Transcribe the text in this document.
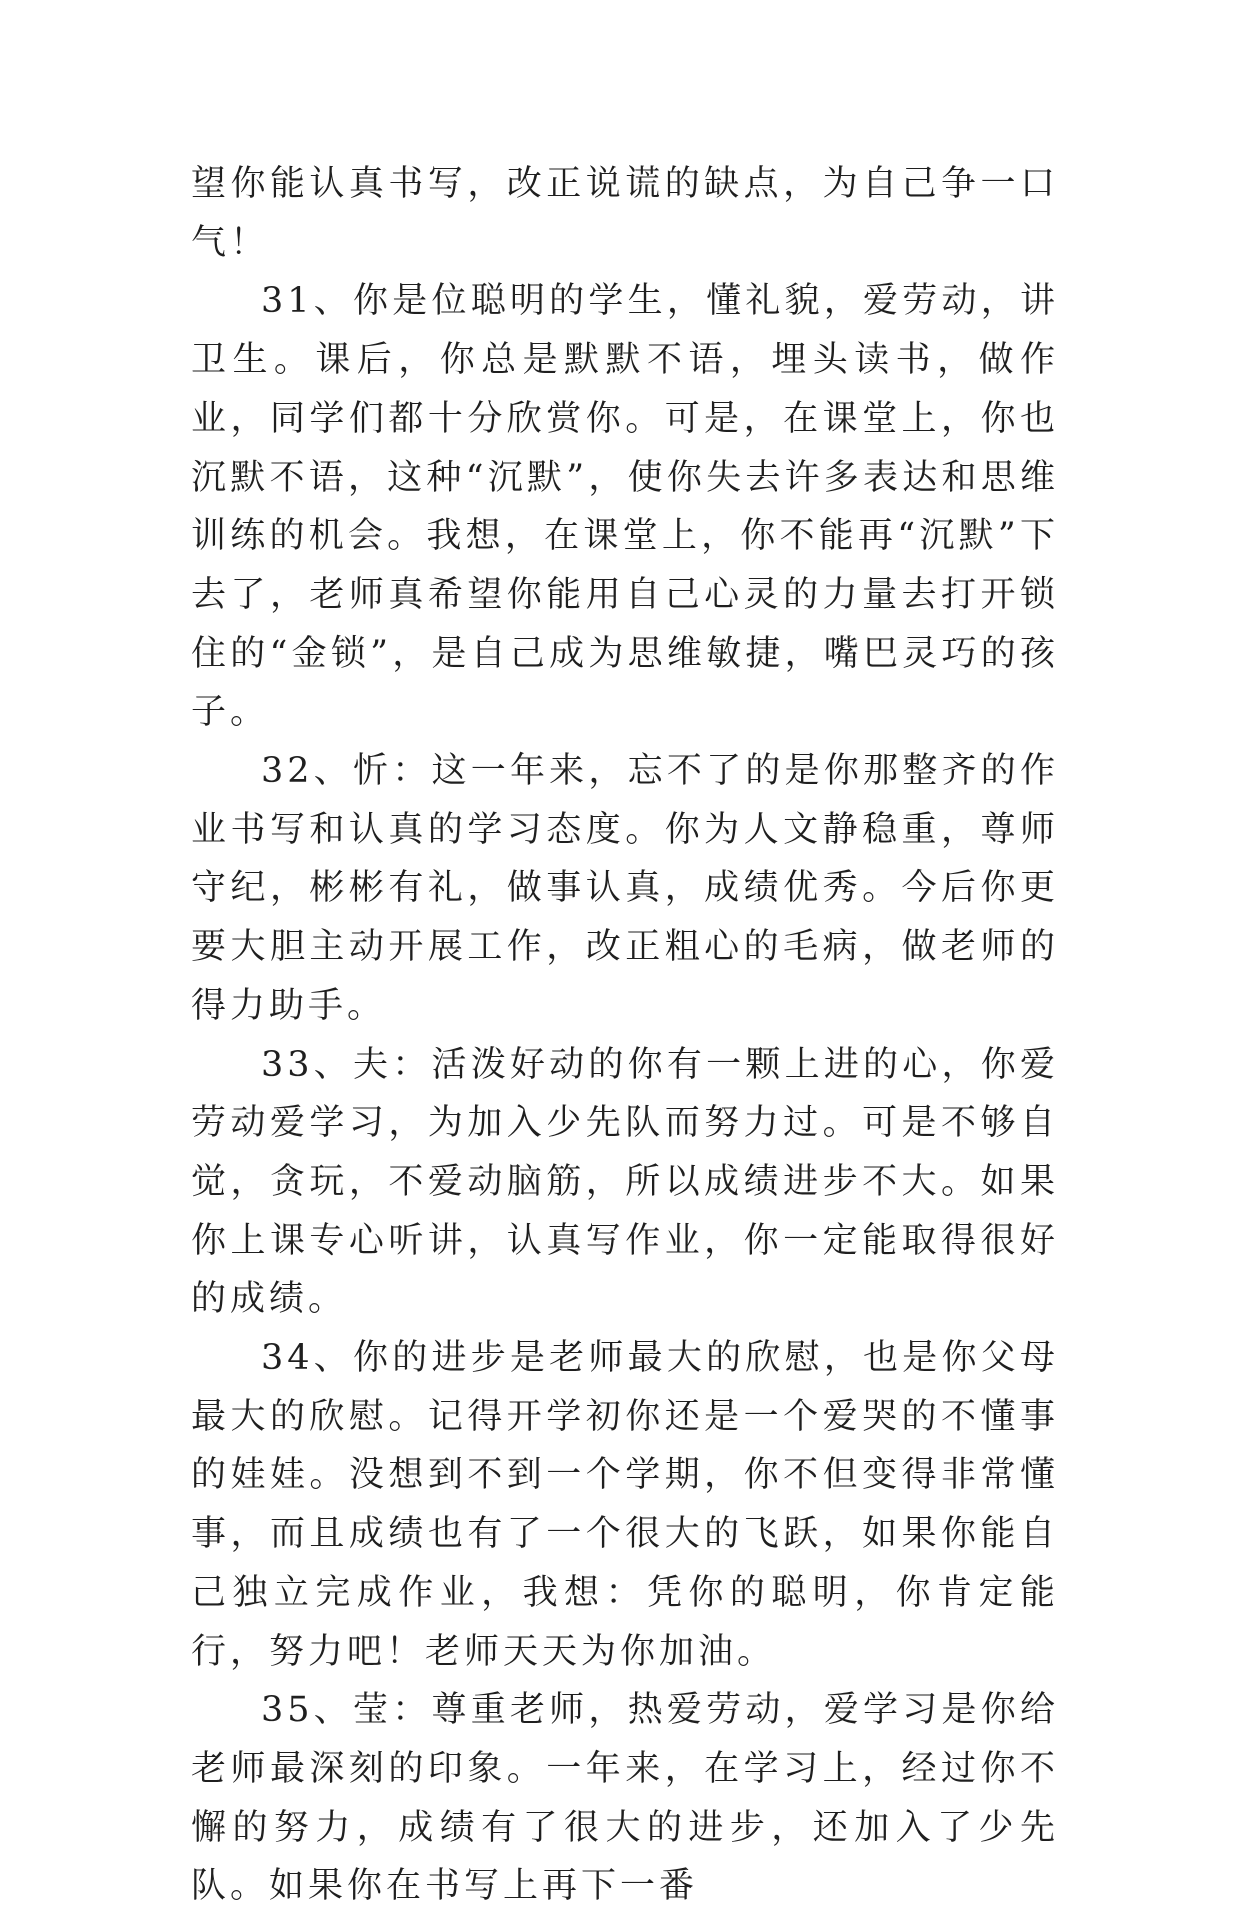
望你能认真书写，改正说谎的缺点，为自己争一口气！

31、你是位聪明的学生，懂礼貌，爱劳动，讲卫生。课后，你总是默默不语，埋头读书，做作业，同学们都十分欣赏你。可是，在课堂上，你也沉默不语，这种“沉默”，使你失去许多表达和思维训练的机会。我想，在课堂上，你不能再“沉默”下去了，老师真希望你能用自己心灵的力量去打开锁住的“金锁”，是自己成为思维敏捷，嘴巴灵巧的孩子。

32、忻：这一年来，忘不了的是你那整齐的作业书写和认真的学习态度。你为人文静稳重，尊师守纪，彬彬有礼，做事认真，成绩优秀。今后你更要大胆主动开展工作，改正粗心的毛病，做老师的得力助手。

33、夫：活泼好动的你有一颗上进的心，你爱劳动爱学习，为加入少先队而努力过。可是不够自觉，贪玩，不爱动脑筋，所以成绩进步不大。如果你上课专心听讲，认真写作业，你一定能取得很好的成绩。

34、你的进步是老师最大的欣慰，也是你父母最大的欣慰。记得开学初你还是一个爱哭的不懂事的娃娃。没想到不到一个学期，你不但变得非常懂事，而且成绩也有了一个很大的飞跃，如果你能自己独立完成作业，我想：凭你的聪明，你肯定能行，努力吧！老师天天为你加油。

35、莹：尊重老师，热爱劳动，爱学习是你给老师最深刻的印象。一年来，在学习上，经过你不懈的努力，成绩有了很大的进步，还加入了少先队。如果你在书写上再下一番
